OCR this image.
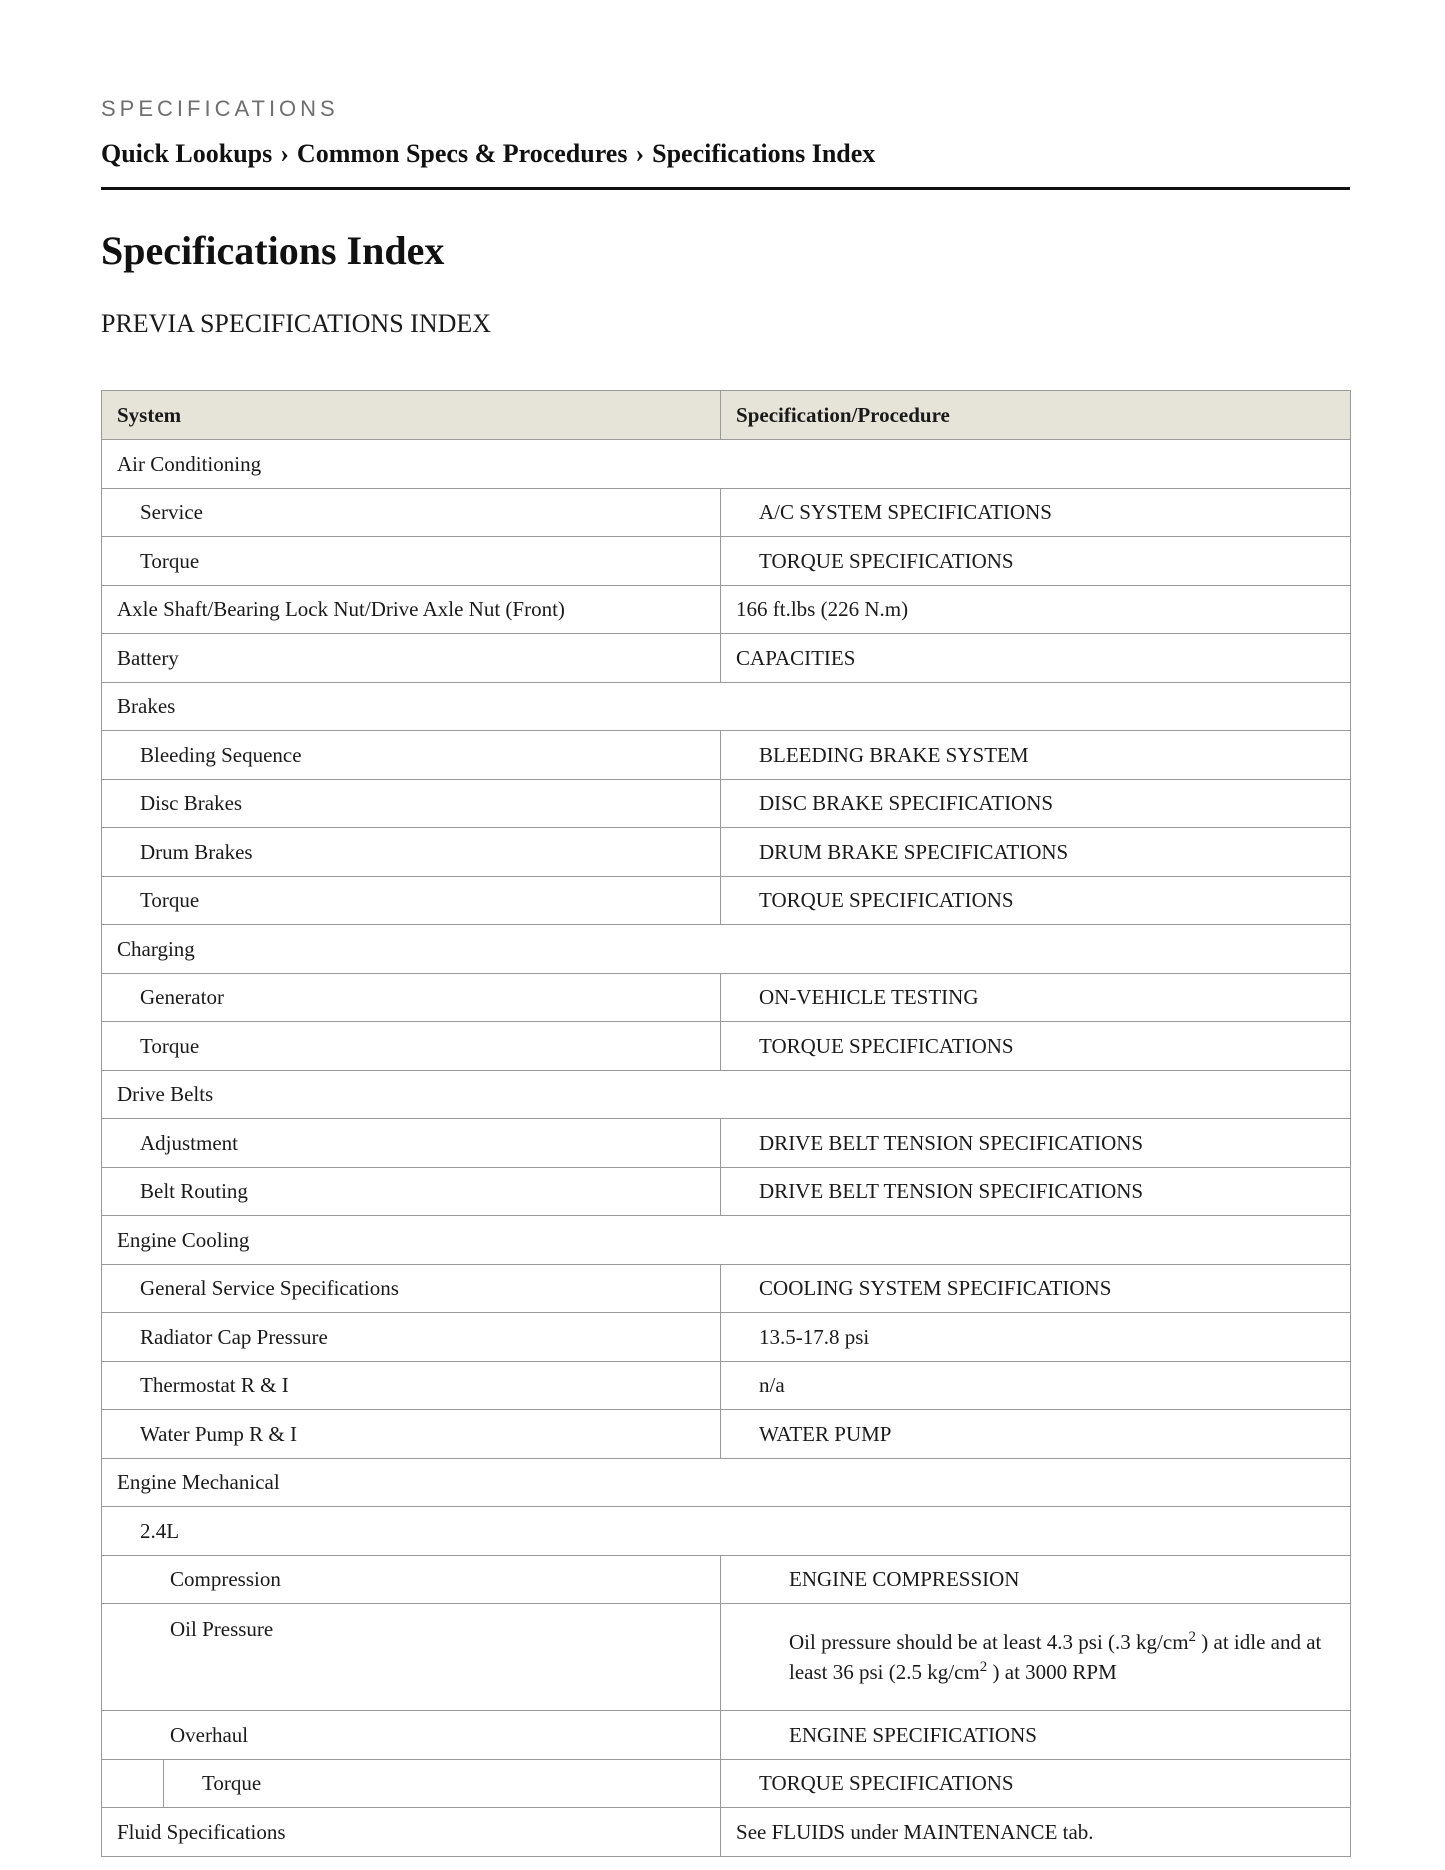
SPECIFICATIONS
Quick Lookups › Common Specs & Procedures › Specifications Index
Specifications Index
PREVIA SPECIFICATIONS INDEX
System		Specification/Procedure
Air Conditioning		
Service		A/C SYSTEM SPECIFICATIONS
Torque		TORQUE SPECIFICATIONS
Axle Shaft/Bearing Lock Nut/Drive Axle Nut (Front)		166 ft.lbs (226 N.m)
Battery		CAPACITIES
Brakes		
Bleeding Sequence		BLEEDING BRAKE SYSTEM
Disc Brakes		DISC BRAKE SPECIFICATIONS
Drum Brakes		DRUM BRAKE SPECIFICATIONS
Torque		TORQUE SPECIFICATIONS
Charging		
Generator		ON-VEHICLE TESTING
Torque		TORQUE SPECIFICATIONS
Drive Belts		
Adjustment		DRIVE BELT TENSION SPECIFICATIONS
Belt Routing		DRIVE BELT TENSION SPECIFICATIONS
Engine Cooling		
General Service Specifications		COOLING SYSTEM SPECIFICATIONS
Radiator Cap Pressure		13.5-17.8 psi
Thermostat R & I		n/a
Water Pump R & I		WATER PUMP
Engine Mechanical		
2.4L		
Compression		ENGINE COMPRESSION
Oil Pressure		Oil pressure should be at least 4.3 psi (.3 $kg/cm^2$ ) at idle and at least 36 psi (2.5 $kg/cm^2$ ) at 3000 RPM
Overhaul		ENGINE SPECIFICATIONS
	Torque	TORQUE SPECIFICATIONS
Fluid Specifications		See FLUIDS under MAINTENANCE tab.
